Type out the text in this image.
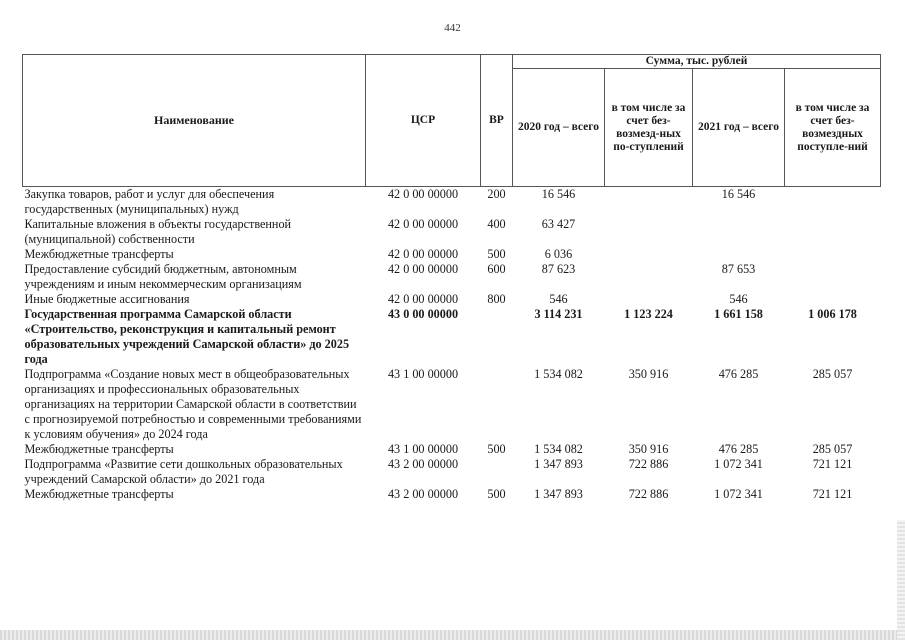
442
Наименование	ЦСР	ВР	Сумма, тыс. рублей			
			2020 год – всего	в том числе за счет без-возмезд-ных по-ступлений	2021 год – всего	в том числе за счет без-возмездных поступле-ний
Закупка товаров, работ и услуг для обеспечения государственных (муниципальных) нужд	42 0 00 00000	200	16 546		16 546	
Капитальные вложения в объекты государственной (муниципальной) собственности	42 0 00 00000	400	63 427			
Межбюджетные трансферты	42 0 00 00000	500	6 036			
Предоставление субсидий бюджетным, автономным учреждениям и иным некоммерческим организациям	42 0 00 00000	600	87 623		87 653	
Иные бюджетные ассигнования	42 0 00 00000	800	546		546	
Государственная программа Самарской области «Строительство, реконструкция и капитальный ремонт образовательных учреждений Самарской области» до 2025 года	43 0 00 00000		3 114 231	1 123 224	1 661 158	1 006 178
Подпрограмма «Создание новых мест в общеобразовательных организациях и профессиональных образовательных организациях на территории Самарской области в соответствии с прогнозируемой потребностью и современными требованиями к условиям обучения» до 2024 года	43 1 00 00000		1 534 082	350 916	476 285	285 057
Межбюджетные трансферты	43 1 00 00000	500	1 534 082	350 916	476 285	285 057
Подпрограмма «Развитие сети дошкольных образовательных учреждений Самарской области» до 2021 года	43 2 00 00000		1 347 893	722 886	1 072 341	721 121
Межбюджетные трансферты	43 2 00 00000	500	1 347 893	722 886	1 072 341	721 121
